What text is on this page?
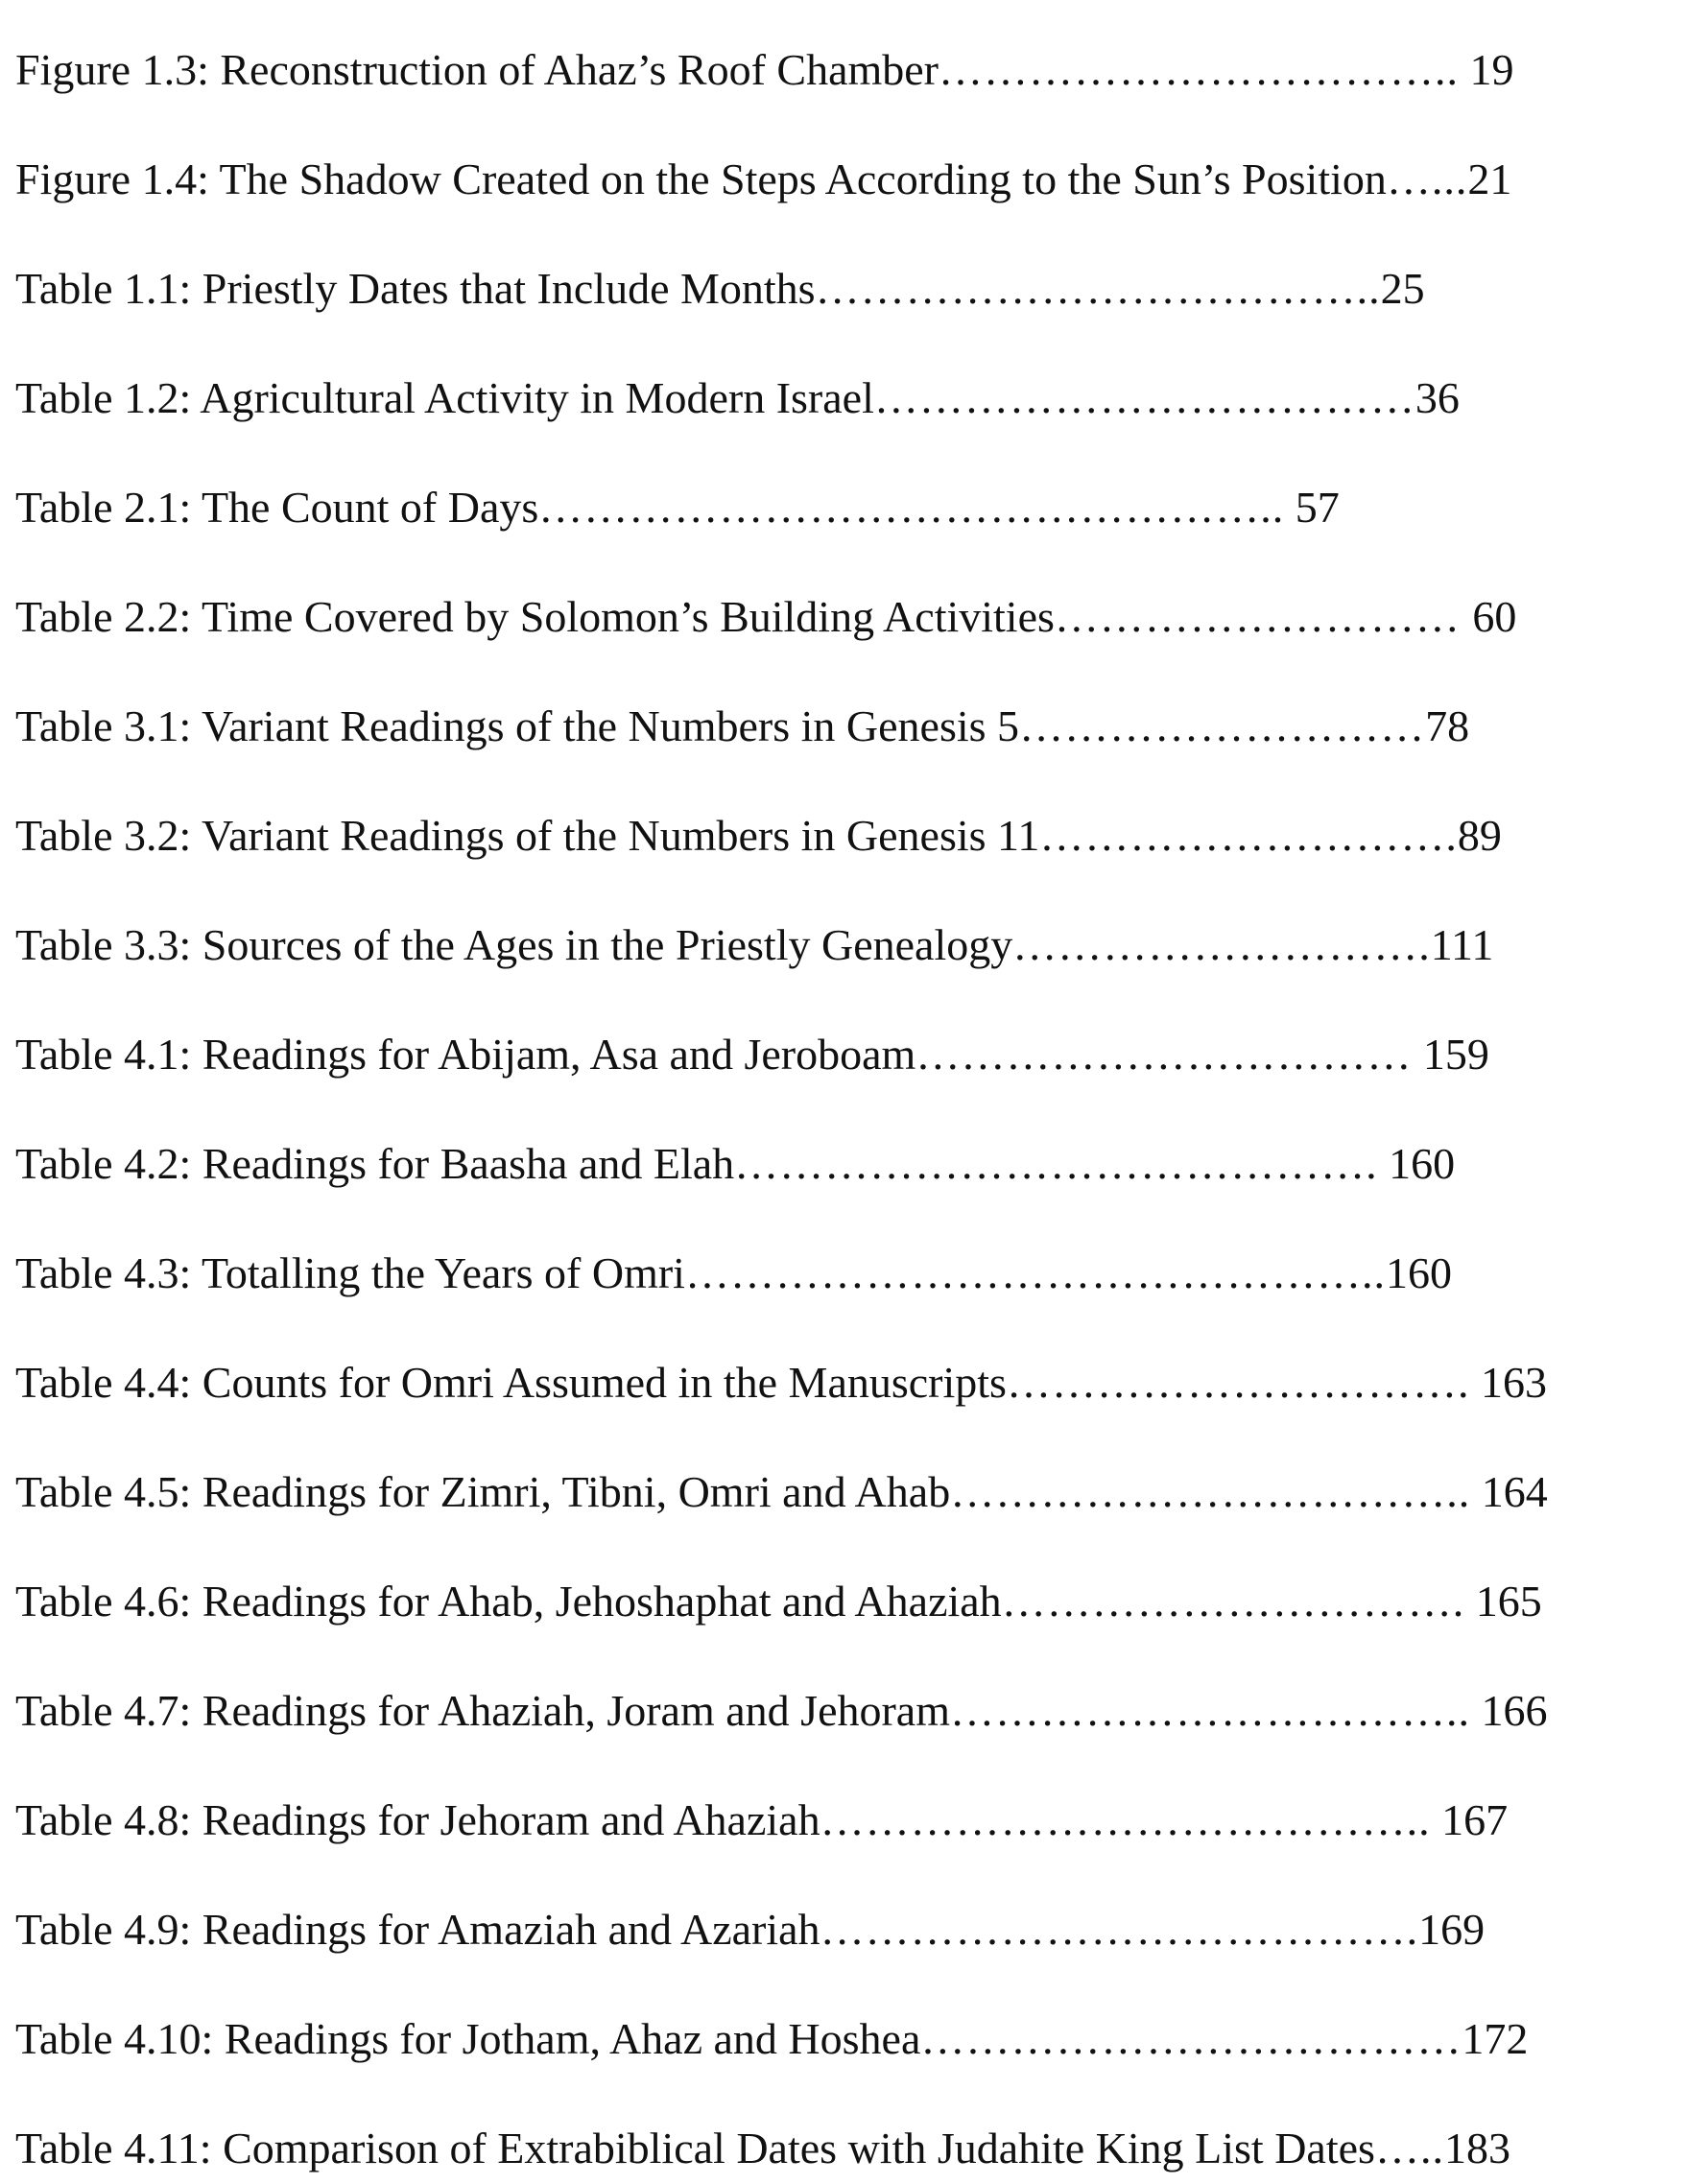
Figure 1.3: Reconstruction of Ahaz’s Roof Chamber…………………………….. 19
Figure 1.4: The Shadow Created on the Steps According to the Sun’s Position…...21
Table 1.1: Priestly Dates that Include Months………………………………..25
Table 1.2: Agricultural Activity in Modern Israel………………………………36
Table 2.1: The Count of Days………………………………………….. 57
Table 2.2: Time Covered by Solomon’s Building Activities……………………… 60
Table 3.1: Variant Readings of the Numbers in Genesis 5………………………78
Table 3.2: Variant Readings of the Numbers in Genesis 11……………………….89
Table 3.3: Sources of the Ages in the Priestly Genealogy……………………….111
Table 4.1: Readings for Abijam, Asa and Jeroboam…………………………… 159
Table 4.2: Readings for Baasha and Elah……………………………………. 160
Table 4.3: Totalling the Years of Omri………………………………………..160
Table 4.4: Counts for Omri Assumed in the Manuscripts…………………………. 163
Table 4.5: Readings for Zimri, Tibni, Omri and Ahab…………………………….. 164
Table 4.6: Readings for Ahab, Jehoshaphat and Ahaziah…………………………. 165
Table 4.7: Readings for Ahaziah, Joram and Jehoram…………………………….. 166
Table 4.8: Readings for Jehoram and Ahaziah………………………………….. 167
Table 4.9: Readings for Amaziah and Azariah………………………………….169
Table 4.10: Readings for Jotham, Ahaz and Hoshea………………………………172
Table 4.11: Comparison of Extrabiblical Dates with Judahite King List Dates…..183
